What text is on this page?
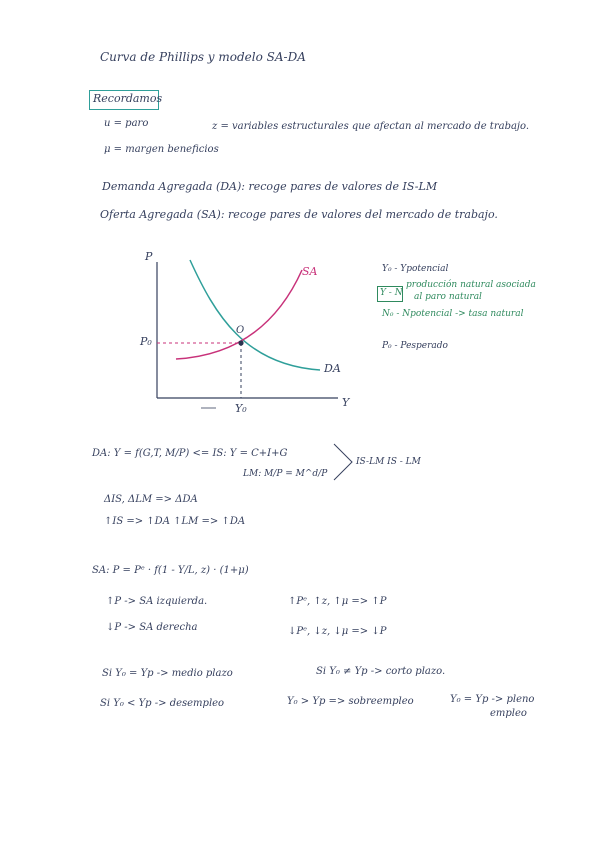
Curva de Phillips y modelo SA-DA
Recordamos
u = paro
μ = margen beneficios
z = variables estructurales que afectan al mercado de trabajo.
Demanda Agregada (DA): recoge pares de valores de IS-LM
Oferta Agregada (SA): recoge pares de valores del mercado de trabajo.
P
Y
SA
DA
O
P₀
Y₀
Y₀ - Ypotencial
Y - N
producción natural asociada
al paro natural
N₀ - Npotencial -> tasa natural
P₀ - Pesperado
DA: Y = f(G,T, M/P) <= IS: Y = C+I+G
LM: M/P = M^d/P
IS-LM IS - LM
ΔIS, ΔLM => ΔDA
↑IS => ↑DA ↑LM => ↑DA
SA: P = Pᵉ · f(1 - Y/L, z) · (1+μ)
↑P -> SA izquierda.	↑Pᵉ, ↑z, ↑μ => ↑P
↓P -> SA derecha	↓Pᵉ, ↓z, ↓μ => ↓P
Si Y₀ = Yp -> medio plazo	Si Y₀ ≠ Yp -> corto plazo.
Si Y₀ < Yp -> desempleo	Y₀ > Yp => sobreempleo	Y₀ = Yp -> pleno
empleo
